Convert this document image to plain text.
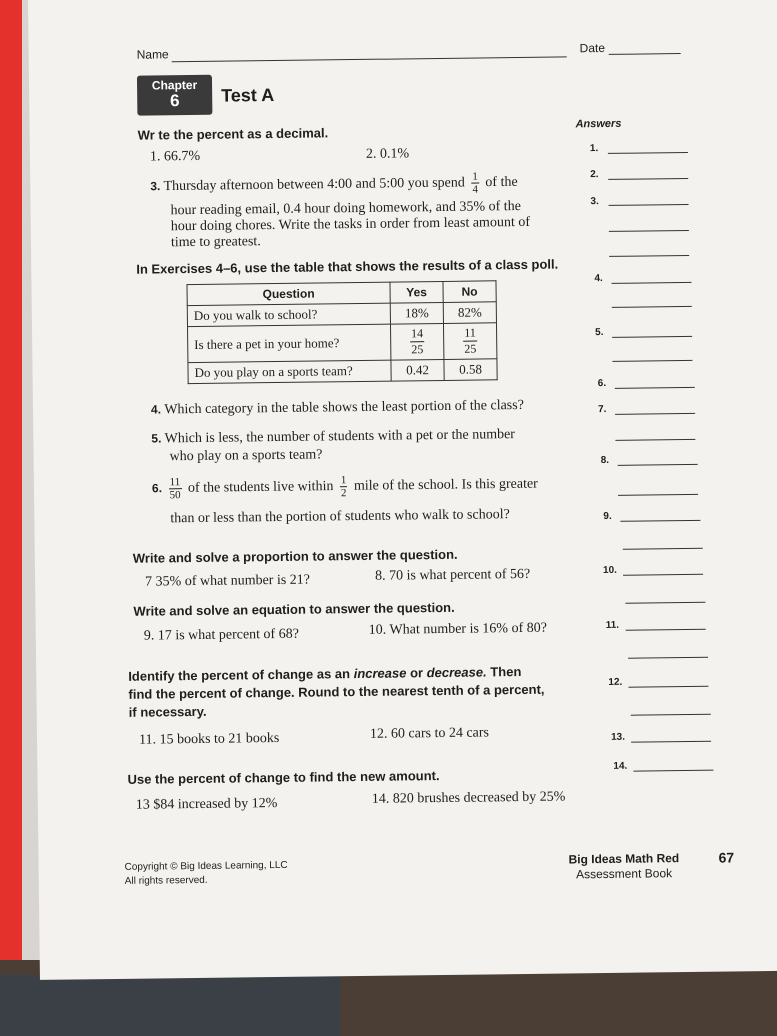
Name	Date
Chapter
6	Test A
Answers
Wr te the percent as a decimal.
1. 66.7%	2. 0.1%
3. Thursday afternoon between 4:00 and 5:00 you spend $\frac{1}{4}$ of the
hour reading email, 0.4 hour doing homework, and 35% of the
hour doing chores. Write the tasks in order from least amount of
time to greatest.
In Exercises 4–6, use the table that shows the results of a class poll.
Question	Yes	No
Do you walk to school?	18%	82%
Is there a pet in your home?	$\frac{14}{25}$	$\frac{11}{25}$

Do you play on a sports team?	0.42	0.58
4. Which category in the table shows the least portion of the class?
5. Which is less, the number of students with a pet or the number
who play on a sports team?
6. $\frac{11}{50}$ of the students live within $\frac{1}{2}$ mile of the school. Is this greater
than or less than the portion of students who walk to school?
Write and solve a proportion to answer the question.
7 35% of what number is 21?	8. 70 is what percent of 56?
Write and solve an equation to answer the question.
9. 17 is what percent of 68?	10. What number is 16% of 80?
Identify the percent of change as an increase or decrease. Then
find the percent of change. Round to the nearest tenth of a percent,
if necessary.
11. 15 books to 21 books	12. 60 cars to 24 cars
Use the percent of change to find the new amount.
13 $84 increased by 12%	14. 820 brushes decreased by 25%
1.
2.
3.
4.
5.
6.
7.
8.
9.
10.
11.
12.
13.
14.
Copyright © Big Ideas Learning, LLC
All rights reserved.
Big Ideas Math Red
Assessment Book
67
